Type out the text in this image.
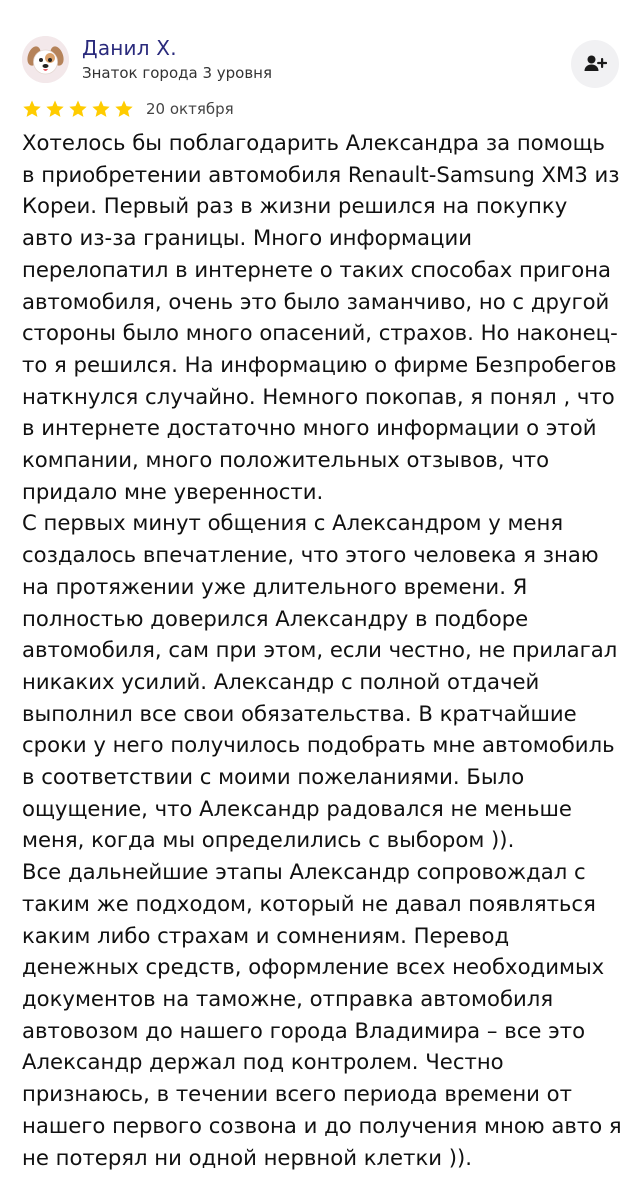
Данил Х.
Знаток города 3 уровня
20 октября

Хотелось бы поблагодарить Александра за помощь в приобретении автомобиля Renault-Samsung XM3 из Кореи. Первый раз в жизни решился на покупку авто из-за границы. Много информации перелопатил в интернете о таких способах пригона автомобиля, очень это было заманчиво, но с другой стороны было много опасений, страхов. Но наконец-то я решился. На информацию о фирме Безпробегов наткнулся случайно. Немного покопав, я понял , что в интернете достаточно много информации о этой компании, много положительных отзывов, что придало мне уверенности.

С первых минут общения с Александром у меня создалось впечатление, что этого человека я знаю на протяжении уже длительного времени. Я полностью доверился Александру в подборе автомобиля, сам при этом, если честно, не прилагал никаких усилий. Александр с полной отдачей выполнил все свои обязательства. В кратчайшие сроки у него получилось подобрать мне автомобиль в соответствии с моими пожеланиями. Было ощущение, что Александр радовался не меньше меня, когда мы определились с выбором )).

Все дальнейшие этапы Александр сопровождал с таким же подходом, который не давал появляться каким либо страхам и сомнениям. Перевод денежных средств, оформление всех необходимых документов на таможне, отправка автомобиля автовозом до нашего города Владимира – все это Александр держал под контролем. Честно признаюсь, в течении всего периода времени от нашего первого созвона и до получения мною авто я не потерял ни одной нервной клетки )).
